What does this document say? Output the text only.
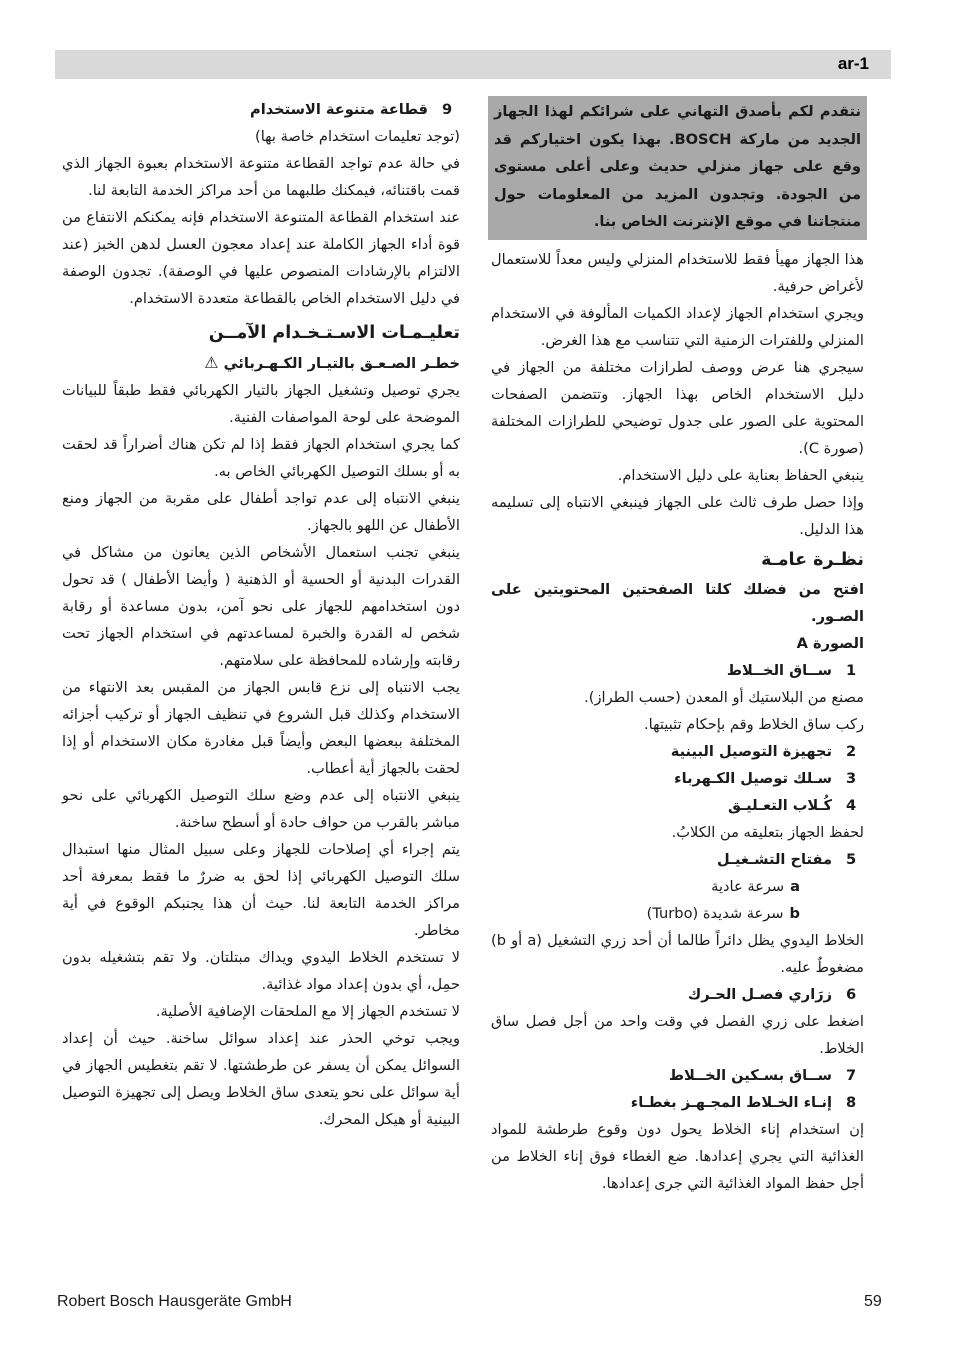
ar-1
نتقدم لكم بأصدق التهاني على شرائكم لهذا الجهاز الجديد من ماركة BOSCH. بهذا يكون اختياركم قد وقع على جهاز منزلي حديث وعلى أعلى مستوى من الجودة. وتجدون المزيد من المعلومات حول منتجاتنا في موقع الإنترنت الخاص بنا.

هذا الجهاز مهيأ فقط للاستخدام المنزلي وليس معداً للاستعمال لأغراض حرفية.

ويجري استخدام الجهاز لإعداد الكميات المألوفة في الاستخدام المنزلي وللفترات الزمنية التي تتناسب مع هذا الغرض.

سيجري هنا عرض ووصف لطرازات مختلفة من الجهاز في دليل الاستخدام الخاص بهذا الجهاز. وتتضمن الصفحات المحتوية على الصور على جدول توضيحي للطرازات المختلفة (صورة C).

ينبغي الحفاظ بعناية على دليل الاستخدام.

وإذا حصل طرف ثالث على الجهاز فينبغي الانتباه إلى تسليمه هذا الدليل.

نظـرة عامـة

افتح من فضلك كلتا الصفحتين المحتويتين على الصـور.

الصورة A

1
ســاق الخــلاط

مصنع من البلاستيك أو المعدن (حسب الطراز).

ركب ساق الخلاط وقم بإحكام تثبيتها.

2
تجهيزة التوصيل البينية
3
سـلك توصيل الكـهرباء
4
كُـلاب التعـليـق

لحفظ الجهاز بتعليقه من الكلابُ.

5
مفتاح التشـغيـل
a
سرعة عادية
b
سرعة شديدة (Turbo)

الخلاط اليدوي يظل دائراً طالما أن أحد زري التشغيل (a أو b) مضغوطٌ عليه.

6
زرَاري فصـل الحـرك

اضغط على زري الفصل في وقت واحد من أجل فصل ساق الخلاط.

7
ســاق بسـكين الخــلاط
8
إنـاء الخـلاط المجـهـز بغطـاء

إن استخدام إناء الخلاط يحول دون وقوع طرطشة للمواد الغذائية التي يجري إعدادها. ضع الغطاء فوق إناء الخلاط من أجل حفظ المواد الغذائية التي جرى إعدادها.

9
قطاعة متنوعة الاستخدام

(توجد تعليمات استخدام خاصة بها)

في حالة عدم تواجد القطاعة متنوعة الاستخدام بعبوة الجهاز الذي قمت باقتنائه، فيمكنك طلبهما من أحد مراكز الخدمة التابعة لنا.

عند استخدام القطاعة المتنوعة الاستخدام فإنه يمكنكم الانتفاع من قوة أداء الجهاز الكاملة عند إعداد معجون العسل لدهن الخبز (عند الالتزام بالإرشادات المنصوص عليها في الوصفة). تجدون الوصفة في دليل الاستخدام الخاص بالقطاعة متعددة الاستخدام.

تعليـمـات الاسـتـخـدام الآمــن

خطـر الصـعـق بالتيـار الكـهـربائي ⚠

يجري توصيل وتشغيل الجهاز بالتيار الكهربائي فقط طبقاً للبيانات الموضحة على لوحة المواصفات الفنية.

كما يجري استخدام الجهاز فقط إذا لم تكن هناك أضراراً قد لحقت به أو بسلك التوصيل الكهربائي الخاص به.

ينبغي الانتباه إلى عدم تواجد أطفال على مقربة من الجهاز ومنع الأطفال عن اللهو بالجهاز.

ينبغي تجنب استعمال الأشخاص الذين يعانون من مشاكل في القدرات البدنية أو الحسية أو الذهنية ( وأيضا الأطفال ) قد تحول دون استخدامهم للجهاز على نحو آمن، بدون مساعدة أو رقابة شخص له القدرة والخبرة لمساعدتهم في استخدام الجهاز تحت رقابته وإرشاده للمحافظة على سلامتهم.

يجب الانتباه إلى نزع قابس الجهاز من المقبس بعد الانتهاء من الاستخدام وكذلك قبل الشروع في تنظيف الجهاز أو تركيب أجزائه المختلفة ببعضها البعض وأيضاً قبل مغادرة مكان الاستخدام أو إذا لحقت بالجهاز أية أعطاب.

ينبغي الانتباه إلى عدم وضع سلك التوصيل الكهربائي على نحو مباشر بالقرب من حواف حادة أو أسطح ساخنة.

يتم إجراء أي إصلاحات للجهاز وعلى سبيل المثال منها استبدال سلك التوصيل الكهربائي إذا لحق به ضررٌ ما فقط بمعرفة أحد مراكز الخدمة التابعة لنا. حيث أن هذا يجنبكم الوقوع في أية مخاطر.

لا تستخدم الخلاط اليدوي ويداك مبتلتان. ولا تقم بتشغيله بدون حمِل، أي بدون إعداد مواد غذائية.

لا تستخدم الجهاز إلا مع الملحقات الإضافية الأصلية.

ويجب توخي الحذر عند إعداد سوائل ساخنة. حيث أن إعداد السوائل يمكن أن يسفر عن طرطشتها. لا تقم بتغطيس الجهاز في أية سوائل على نحو يتعدى ساق الخلاط ويصل إلى تجهيزة التوصيل البينية أو هيكل المحرك.

Robert Bosch Hausgeräte GmbH	59
